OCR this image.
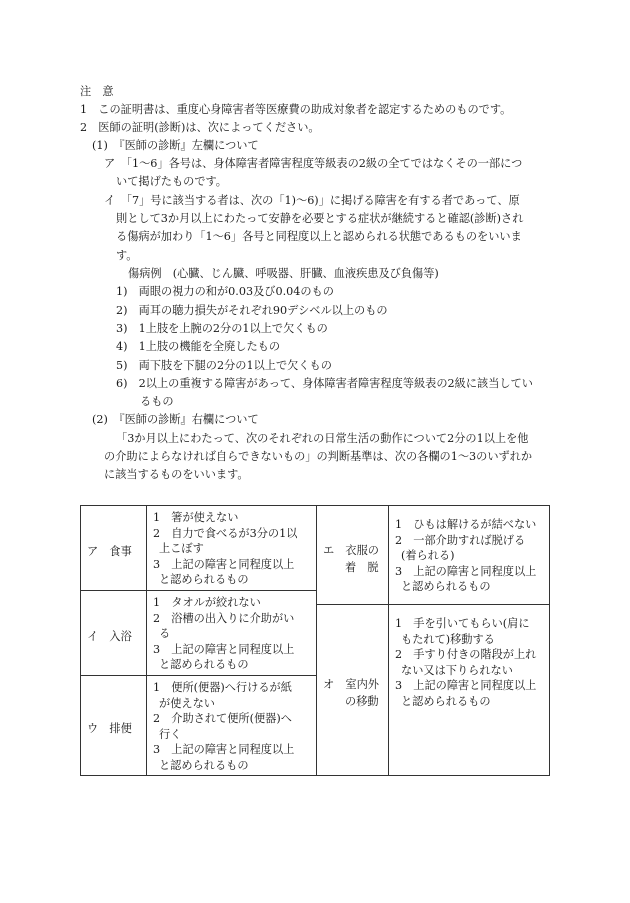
注　意
1　この証明書は、重度心身障害者等医療費の助成対象者を認定するためのものです。
2　医師の証明(診断)は、次によってください。
(1)　『医師の診断』左欄について
ア　「1～6」各号は、身体障害者障害程度等級表の2級の全てではなくその一部につ
いて掲げたものです。
イ　「7」号に該当する者は、次の「1)～6)」に掲げる障害を有する者であって、原
則として3か月以上にわたって安静を必要とする症状が継続すると確認(診断)され
る傷病が加わり「1～6」各号と同程度以上と認められる状態であるものをいいま
す。
傷病例　(心臓、じん臓、呼吸器、肝臓、血液疾患及び負傷等)
1)　両眼の視力の和が0.03及び0.04のもの
2)　両耳の聴力損失がそれぞれ90デシベル以上のもの
3)　1上肢を上腕の2分の1以上で欠くもの
4)　1上肢の機能を全廃したもの
5)　両下肢を下腿の2分の1以上で欠くもの
6)　2以上の重複する障害があって、身体障害者障害程度等級表の2級に該当してい
るもの
(2)　『医師の診断』右欄について
「3か月以上にわたって、次のそれぞれの日常生活の動作について2分の1以上を他
の介助によらなければ自らできないもの」の判断基準は、次の各欄の1～3のいずれか
に該当するものをいいます。
ア　食事
1　箸が使えない
2　自力で食べるが3分の1以
上こぼす
3　上記の障害と同程度以上
と認められるもの
イ　入浴
1　タオルが絞れない
2　浴槽の出入りに介助がい
る
3　上記の障害と同程度以上
と認められるもの
ウ　排便
1　便所(便器)へ行けるが紙
が使えない
2　介助されて便所(便器)へ
行く
3　上記の障害と同程度以上
と認められるもの
エ　衣服の
着　脱
1　ひもは解けるが結べない
2　一部介助すれば脱げる
(着られる)
3　上記の障害と同程度以上
と認められるもの
オ　室内外
の移動
1　手を引いてもらい(肩に
もたれて)移動する
2　手すり付きの階段が上れ
ない又は下りられない
3　上記の障害と同程度以上
と認められるもの
